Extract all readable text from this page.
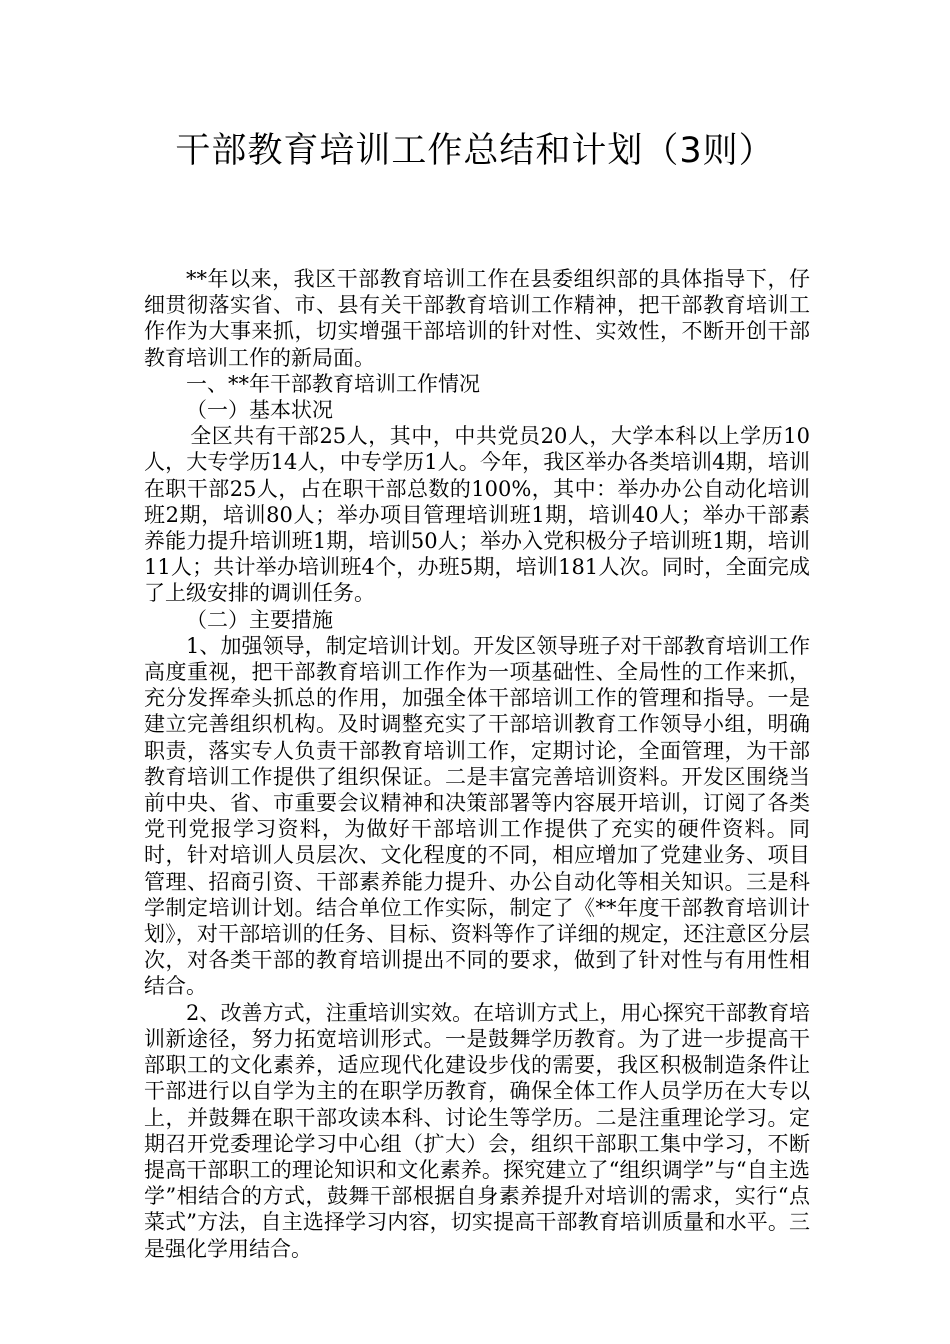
干部教育培训工作总结和计划（3则）

**年以来，我区干部教育培训工作在县委组织部的具体指导下，仔细贯彻落实省、市、县有关干部教育培训工作精神，把干部教育培训工作作为大事来抓，切实增强干部培训的针对性、实效性，不断开创干部教育培训工作的新局面。

一、**年干部教育培训工作情况

（一）基本状况

全区共有干部25人，其中，中共党员20人，大学本科以上学历10人，大专学历14人，中专学历1人。今年，我区举办各类培训4期，培训在职干部25人，占在职干部总数的100%，其中：举办办公自动化培训班2期，培训80人；举办项目管理培训班1期，培训40人；举办干部素养能力提升培训班1期，培训50人；举办入党积极分子培训班1期，培训11人；共计举办培训班4个，办班5期，培训181人次。同时，全面完成了上级安排的调训任务。

（二）主要措施

1、加强领导，制定培训计划。开发区领导班子对干部教育培训工作高度重视，把干部教育培训工作作为一项基础性、全局性的工作来抓，充分发挥牵头抓总的作用，加强全体干部培训工作的管理和指导。一是建立完善组织机构。及时调整充实了干部培训教育工作领导小组，明确职责，落实专人负责干部教育培训工作，定期讨论，全面管理，为干部教育培训工作提供了组织保证。二是丰富完善培训资料。开发区围绕当前中央、省、市重要会议精神和决策部署等内容展开培训，订阅了各类党刊党报学习资料，为做好干部培训工作提供了充实的硬件资料。同时，针对培训人员层次、文化程度的不同，相应增加了党建业务、项目管理、招商引资、干部素养能力提升、办公自动化等相关知识。三是科学制定培训计划。结合单位工作实际，制定了《**年度干部教育培训计划》，对干部培训的任务、目标、资料等作了详细的规定，还注意区分层次，对各类干部的教育培训提出不同的要求，做到了针对性与有用性相结合。

2、改善方式，注重培训实效。在培训方式上，用心探究干部教育培训新途径，努力拓宽培训形式。一是鼓舞学历教育。为了进一步提高干部职工的文化素养，适应现代化建设步伐的需要，我区积极制造条件让干部进行以自学为主的在职学历教育，确保全体工作人员学历在大专以上，并鼓舞在职干部攻读本科、讨论生等学历。二是注重理论学习。定期召开党委理论学习中心组（扩大）会，组织干部职工集中学习，不断提高干部职工的理论知识和文化素养。探究建立了“组织调学”与“自主选学”相结合的方式，鼓舞干部根据自身素养提升对培训的需求，实行“点菜式”方法，自主选择学习内容，切实提高干部教育培训质量和水平。三是强化学用结合。
